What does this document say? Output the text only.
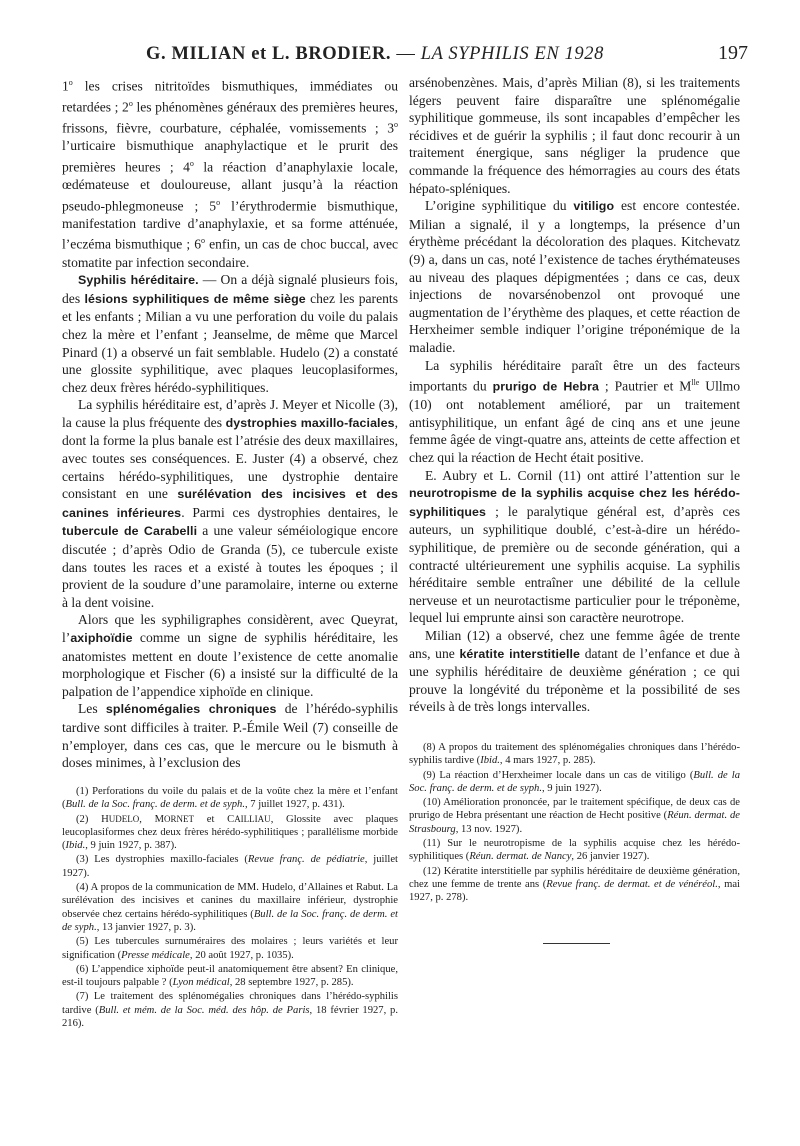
G. MILIAN et L. BRODIER. — LA SYPHILIS EN 1928	197

1$^o$ les crises nitritoïdes bismuthiques, immédiates ou retardées ; 2$^o$ les phénomènes généraux des premières heures, frissons, fièvre, courbature, céphalée, vomissements ; 3$^o$ l’urticaire bismuthique anaphylactique et le prurit des premières heures ; 4$^o$ la réaction d’anaphylaxie locale, œdémateuse et douloureuse, allant jusqu’à la réaction pseudo-phlegmoneuse ; 5$^o$ l’érythrodermie bismuthique, manifestation tardive d’anaphylaxie, et sa forme atténuée, l’eczéma bismuthique ; 6$^o$ enfin, un cas de choc buccal, avec stomatite par infection secondaire.

Syphilis héréditaire. — On a déjà signalé plusieurs fois, des lésions syphilitiques de même siège chez les parents et les enfants ; Milian a vu une perforation du voile du palais chez la mère et l’enfant ; Jeanselme, de même que Marcel Pinard (1) a observé un fait semblable. Hudelo (2) a constaté une glossite syphilitique, avec plaques leucoplasiformes, chez deux frères hérédo-syphilitiques.

La syphilis héréditaire est, d’après J. Meyer et Nicolle (3), la cause la plus fréquente des dystrophies maxillo-faciales, dont la forme la plus banale est l’atrésie des deux maxillaires, avec toutes ses conséquences. E. Juster (4) a observé, chez certains hérédo-syphilitiques, une dystrophie dentaire consistant en une surélévation des incisives et des canines inférieures. Parmi ces dystrophies dentaires, le tubercule de Carabelli a une valeur séméiologique encore discutée ; d’après Odio de Granda (5), ce tubercule existe dans toutes les races et a existé à toutes les époques ; il provient de la soudure d’une paramolaire, interne ou externe à la dent voisine.

Alors que les syphiligraphes considèrent, avec Queyrat, l’axiphoïdie comme un signe de syphilis héréditaire, les anatomistes mettent en doute l’existence de cette anomalie morphologique et Fischer (6) a insisté sur la difficulté de la palpation de l’appendice xiphoïde en clinique.

Les splénomégalies chroniques de l’hérédo-syphilis tardive sont difficiles à traiter. P.-Émile Weil (7) conseille de n’employer, dans ces cas, que le mercure ou le bismuth à doses minimes, à l’exclusion des

arsénobenzènes. Mais, d’après Milian (8), si les traitements légers peuvent faire disparaître une splénomégalie syphilitique gommeuse, ils sont incapables d’empêcher les récidives et de guérir la syphilis ; il faut donc recourir à un traitement énergique, sans négliger la prudence que commande la fréquence des hémorragies au cours des états hépato-spléniques.

L’origine syphilitique du vitiligo est encore contestée. Milian a signalé, il y a longtemps, la présence d’un érythème précédant la décoloration des plaques. Kitchevatz (9) a, dans un cas, noté l’existence de taches érythémateuses au niveau des plaques dépigmentées ; dans ce cas, deux injections de novarsénobenzol ont provoqué une augmentation de l’érythème des plaques, et cette réaction de Herxheimer semble indiquer l’origine tréponémique de la maladie.

La syphilis héréditaire paraît être un des facteurs importants du prurigo de Hebra ; Pautrier et $M^{lle}$ Ullmo (10) ont notablement amélioré, par un traitement antisyphilitique, un enfant âgé de cinq ans et une jeune femme âgée de vingt-quatre ans, atteints de cette affection et chez qui la réaction de Hecht était positive.

E. Aubry et L. Cornil (11) ont attiré l’attention sur le neurotropisme de la syphilis acquise chez les hérédo-syphilitiques ; le paralytique général est, d’après ces auteurs, un syphilitique doublé, c’est-à-dire un hérédo-syphilitique, de première ou de seconde génération, qui a contracté ultérieurement une syphilis acquise. La syphilis héréditaire semble entraîner une débilité de la cellule nerveuse et un neurotactisme particulier pour le tréponème, lequel lui emprunte ainsi son caractère neurotrope.

Milian (12) a observé, chez une femme âgée de trente ans, une kératite interstitielle datant de l’enfance et due à une syphilis héréditaire de deuxième génération ; ce qui prouve la longévité du tréponème et la possibilité de ses réveils à de très longs intervalles.

(1) Perforations du voile du palais et de la voûte chez la mère et l’enfant (Bull. de la Soc. franç. de derm. et de syph., 7 juillet 1927, p. 431).

(2) HUDELO, MORNET et CAILLIAU, Glossite avec plaques leucoplasiformes chez deux frères hérédo-syphilitiques ; parallélisme morbide (Ibid., 9 juin 1927, p. 387).

(3) Les dystrophies maxillo-faciales (Revue franç. de pédiatrie, juillet 1927).

(4) A propos de la communication de MM. Hudelo, d’Allaines et Rabut. La surélévation des incisives et canines du maxillaire inférieur, dystrophie observée chez certains hérédo-syphilitiques (Bull. de la Soc. franç. de derm. et de syph., 13 janvier 1927, p. 3).

(5) Les tubercules surnuméraires des molaires ; leurs variétés et leur signification (Presse médicale, 20 août 1927, p. 1035).

(6) L’appendice xiphoïde peut-il anatomiquement être absent? En clinique, est-il toujours palpable ? (Lyon médical, 28 septembre 1927, p. 285).

(7) Le traitement des splénomégalies chroniques dans l’hérédo-syphilis tardive (Bull. et mém. de la Soc. méd. des hôp. de Paris, 18 février 1927, p. 216).

(8) A propos du traitement des splénomégalies chroniques dans l’hérédo-syphilis tardive (Ibid., 4 mars 1927, p. 285).

(9) La réaction d’Herxheimer locale dans un cas de vitiligo (Bull. de la Soc. franç. de derm. et de syph., 9 juin 1927).

(10) Amélioration prononcée, par le traitement spécifique, de deux cas de prurigo de Hebra présentant une réaction de Hecht positive (Réun. dermat. de Strasbourg, 13 nov. 1927).

(11) Sur le neurotropisme de la syphilis acquise chez les hérédo-syphilitiques (Réun. dermat. de Nancy, 26 janvier 1927).

(12) Kératite interstitielle par syphilis héréditaire de deuxième génération, chez une femme de trente ans (Revue franç. de dermat. et de vénéréol., mai 1927, p. 278).
